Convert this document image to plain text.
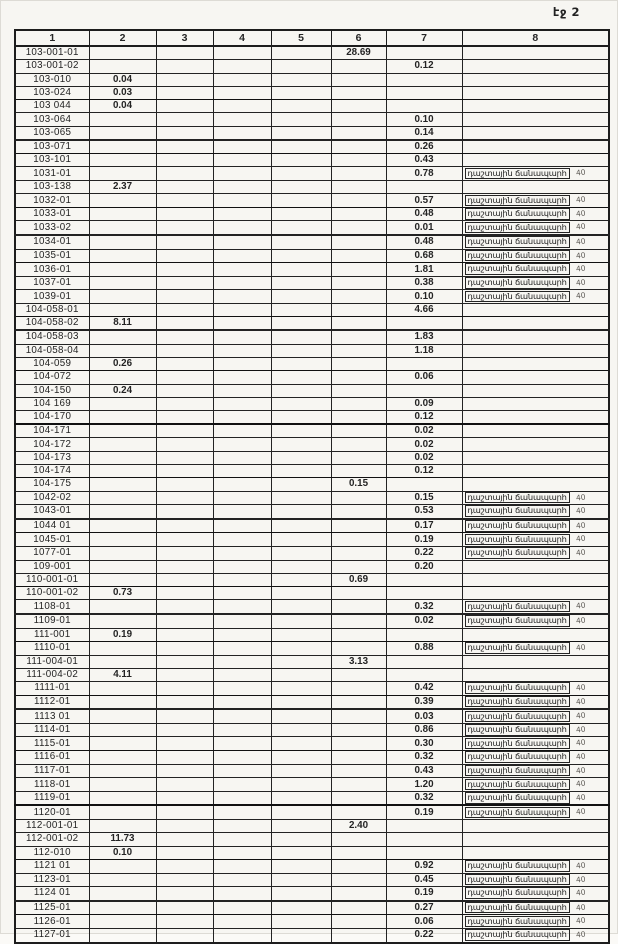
էջ 2
1	2	3	4	5	6	7	8
103-001-01					28.69		
103-001-02						0.12	
103-010	0.04						
103-024	0.03						
103 044	0.04						
103-064						0.10	
103-065						0.14	
103-071						0.26	
103-101						0.43	
1031-01						0.78	դաշտային ճանապարհ 40
103-138	2.37						
1032-01						0.57	դաշտային ճանապարհ 40
1033-01						0.48	դաշտային ճանապարհ 40
1033-02						0.01	դաշտային ճանապարհ 40
1034-01						0.48	դաշտային ճանապարհ 40
1035-01						0.68	դաշտային ճանապարհ 40
1036-01						1.81	դաշտային ճանապարհ 40
1037-01						0.38	դաշտային ճանապարհ 40
1039-01						0.10	դաշտային ճանապարհ 40
104-058-01						4.66	
104-058-02	8.11						
104-058-03						1.83	
104-058-04						1.18	
104-059	0.26						
104-072						0.06	
104-150	0.24						
104 169						0.09	
104-170						0.12	
104-171						0.02	
104-172						0.02	
104-173						0.02	
104-174						0.12	
104-175					0.15		
1042-02						0.15	դաշտային ճանապարհ 40
1043-01						0.53	դաշտային ճանապարհ 40
1044 01						0.17	դաշտային ճանապարհ 40
1045-01						0.19	դաշտային ճանապարհ 40
1077-01						0.22	դաշտային ճանապարհ 40
109-001						0.20	
110-001-01					0.69		
110-001-02	0.73						
1108-01						0.32	դաշտային ճանապարհ 40
1109-01						0.02	դաշտային ճանապարհ 40
111-001	0.19						
1110-01						0.88	դաշտային ճանապարհ 40
111-004-01					3.13		
111-004-02	4.11						
1111-01						0.42	դաշտային ճանապարհ 40
1112-01						0.39	դաշտային ճանապարհ 40
1113 01						0.03	դաշտային ճանապարհ 40
1114-01						0.86	դաշտային ճանապարհ 40
1115-01						0.30	դաշտային ճանապարհ 40
1116-01						0.32	դաշտային ճանապարհ 40
1117-01						0.43	դաշտային ճանապարհ 40
1118-01						1.20	դաշտային ճանապարհ 40
1119-01						0.32	դաշտային ճանապարհ 40
1120-01						0.19	դաշտային ճանապարհ 40
112-001-01					2.40		
112-001-02	11.73						
112-010	0.10						
1121 01						0.92	դաշտային ճանապարհ 40
1123-01						0.45	դաշտային ճանապարհ 40
1124 01						0.19	դաշտային ճանապարհ 40
1125-01						0.27	դաշտային ճանապարհ 40
1126-01						0.06	դաշտային ճանապարհ 40
1127-01						0.22	դաշտային ճանապարհ 40
